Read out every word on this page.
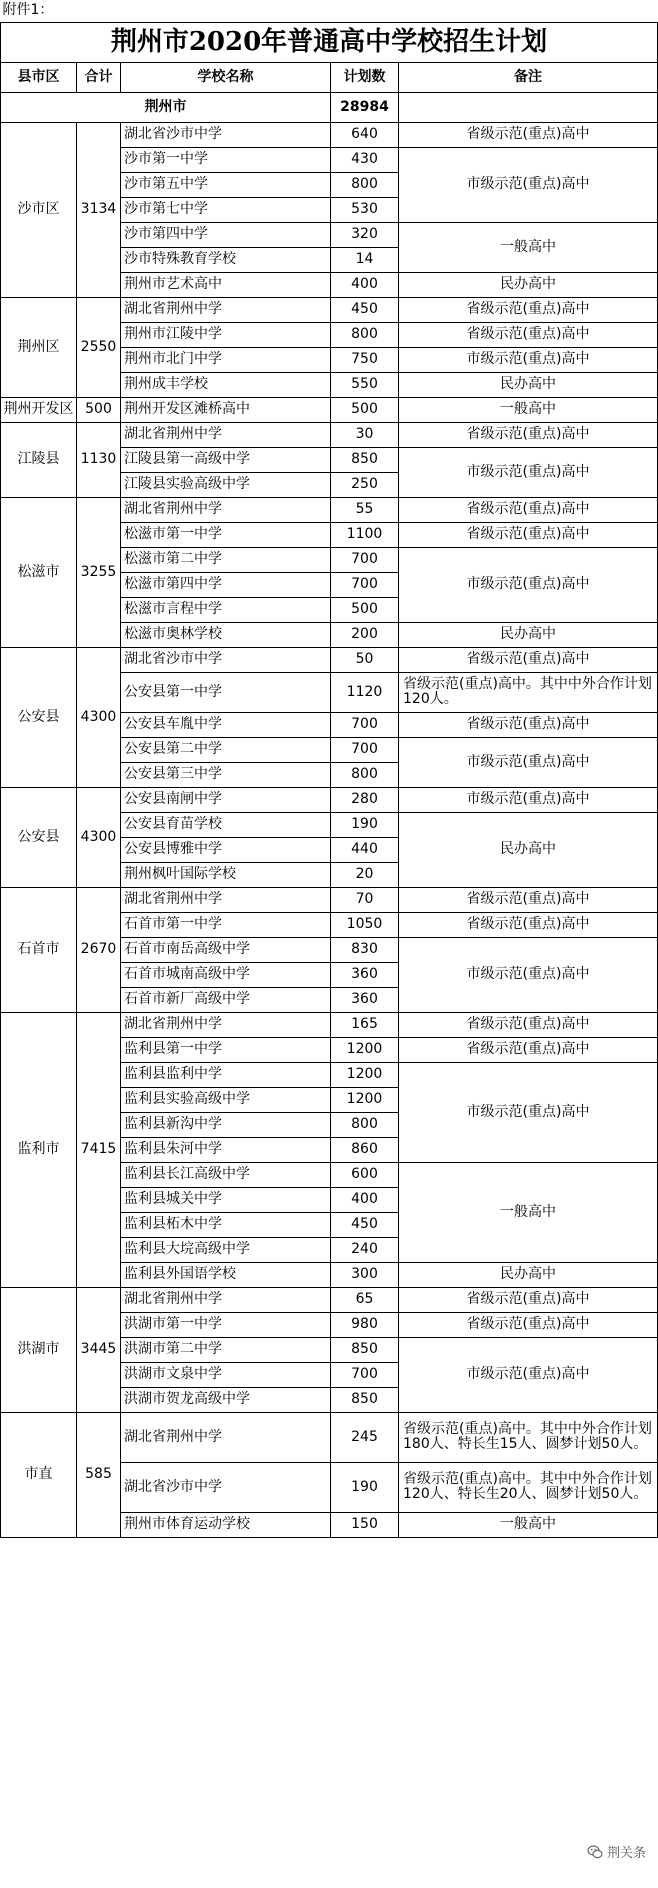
附件1：				
荆州市2020年普通高中学校招生计划				
县市区	合计	学校名称	计划数	备注
荆州市			28984	
沙市区	3134	湖北省沙市中学	640	省级示范(重点)高中
		沙市第一中学	430	市级示范(重点)高中
		沙市第五中学	800	
		沙市第七中学	530	
		沙市第四中学	320	一般高中
		沙市特殊教育学校	14	
		荆州市艺术高中	400	民办高中
荆州区	2550	湖北省荆州中学	450	省级示范(重点)高中
		荆州市江陵中学	800	省级示范(重点)高中
		荆州市北门中学	750	市级示范(重点)高中
		荆州成丰学校	550	民办高中
荆州开发区	500	荆州开发区滩桥高中	500	一般高中
江陵县	1130	湖北省荆州中学	30	省级示范(重点)高中
		江陵县第一高级中学	850	市级示范(重点)高中
		江陵县实验高级中学	250	
松滋市	3255	湖北省荆州中学	55	省级示范(重点)高中
		松滋市第一中学	1100	省级示范(重点)高中
		松滋市第二中学	700	市级示范(重点)高中
		松滋市第四中学	700	
		松滋市言程中学	500	
		松滋市奥林学校	200	民办高中
公安县	4300	湖北省沙市中学	50	省级示范(重点)高中
		公安县第一中学	1120	省级示范(重点)高中。其中中外合作计划120人。
		公安县车胤中学	700	省级示范(重点)高中
		公安县第二中学	700	市级示范(重点)高中
		公安县第三中学	800	
公安县	4300	公安县南闸中学	280	市级示范(重点)高中
		公安县育苗学校	190	民办高中
		公安县博雅中学	440	
		荆州枫叶国际学校	20	
石首市	2670	湖北省荆州中学	70	省级示范(重点)高中
		石首市第一中学	1050	省级示范(重点)高中
		石首市南岳高级中学	830	市级示范(重点)高中
		石首市城南高级中学	360	
		石首市新厂高级中学	360	
监利市	7415	湖北省荆州中学	165	省级示范(重点)高中
		监利县第一中学	1200	省级示范(重点)高中
		监利县监利中学	1200	市级示范(重点)高中
		监利县实验高级中学	1200	
		监利县新沟中学	800	
		监利县朱河中学	860	
		监利县长江高级中学	600	一般高中
		监利县城关中学	400	
		监利县柘木中学	450	
		监利县大垸高级中学	240	
		监利县外国语学校	300	民办高中
洪湖市	3445	湖北省荆州中学	65	省级示范(重点)高中
		洪湖市第一中学	980	省级示范(重点)高中
		洪湖市第二中学	850	市级示范(重点)高中
		洪湖市文泉中学	700	
		洪湖市贺龙高级中学	850	
市直	585	湖北省荆州中学	245	省级示范(重点)高中。其中中外合作计划180人、特长生15人、圆梦计划50人。
		湖北省沙市中学	190	省级示范(重点)高中。其中中外合作计划120人、特长生20人、圆梦计划50人。
		荆州市体育运动学校	150	一般高中
荆关条
